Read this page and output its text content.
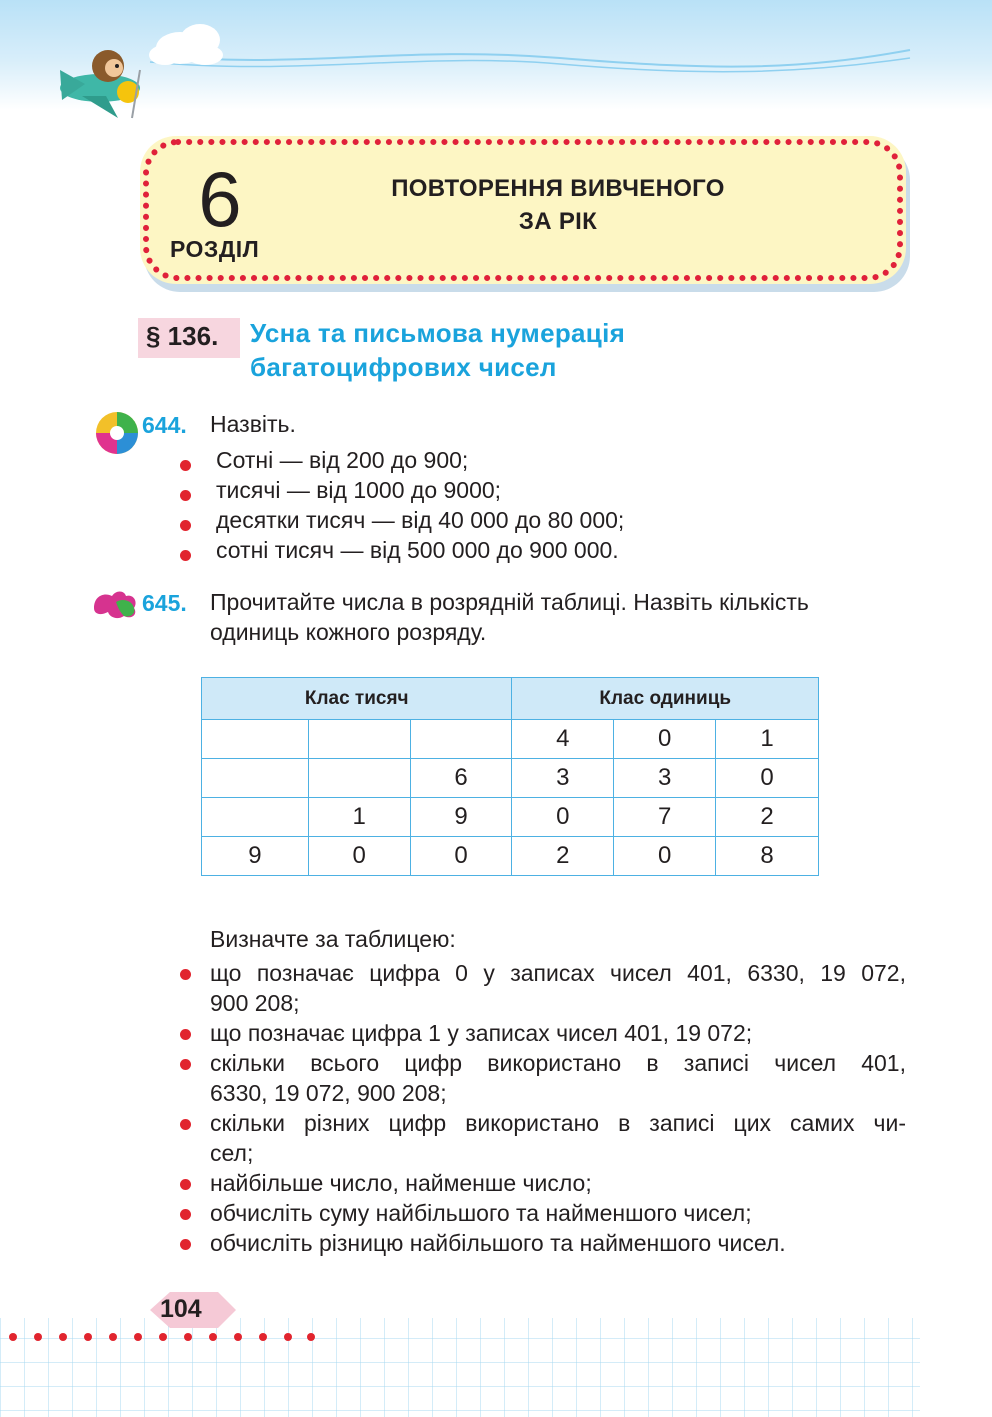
6
РОЗДІЛ
ПОВТОРЕННЯ ВИВЧЕНОГО
ЗА РІК
§ 136. Усна та письмова нумерація
багатоцифрових чисел
644. Назвіть.
Сотні — від 200 до 900;
тисячі — від 1000 до 9000;
десятки тисяч — від 40 000 до 80 000;
сотні тисяч — від 500 000 до 900 000.
645. Прочитайте числа в розрядній таблиці. Назвіть кількість
одиниць кожного розряду.
Клас тисяч			Клас одиниць		
			4	0	1
		6	3	3	0
	1	9	0	7	2
9	0	0	2	0	8
Визначте за таблицею:
що позначає цифра 0 у записах чисел 401, 6330, 19 072,
900 208;
що позначає цифра 1 у записах чисел 401, 19 072;
скільки всього цифр використано в записі чисел 401,
6330, 19 072, 900 208;
скільки різних цифр використано в записі цих самих чи-
сел;
найбільше число, найменше число;
обчисліть суму найбільшого та найменшого чисел;
обчисліть різницю найбільшого та найменшого чисел.
104
